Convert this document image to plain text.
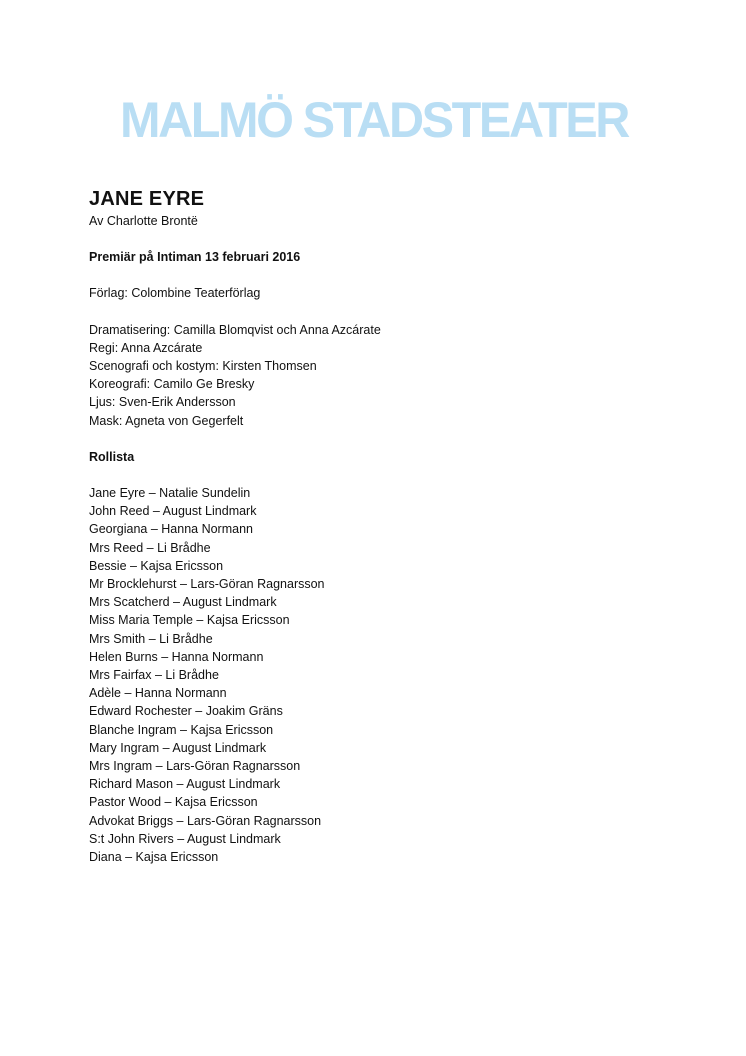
MALMÖ STADSTEATER
JANE EYRE
Av Charlotte Brontë
Premiär på Intiman 13 februari 2016
Förlag: Colombine Teaterförlag
Dramatisering: Camilla Blomqvist och Anna Azcárate
Regi: Anna Azcárate
Scenografi och kostym: Kirsten Thomsen
Koreografi: Camilo Ge Bresky
Ljus: Sven-Erik Andersson
Mask: Agneta von Gegerfelt
Rollista
Jane Eyre – Natalie Sundelin
John Reed – August Lindmark
Georgiana – Hanna Normann
Mrs Reed – Li Brådhe
Bessie – Kajsa Ericsson
Mr Brocklehurst – Lars-Göran Ragnarsson
Mrs Scatcherd – August Lindmark
Miss Maria Temple – Kajsa Ericsson
Mrs Smith – Li Brådhe
Helen Burns – Hanna Normann
Mrs Fairfax – Li Brådhe
Adèle – Hanna Normann
Edward Rochester – Joakim Gräns
Blanche Ingram – Kajsa Ericsson
Mary Ingram – August Lindmark
Mrs Ingram – Lars-Göran Ragnarsson
Richard Mason – August Lindmark
Pastor Wood – Kajsa Ericsson
Advokat Briggs – Lars-Göran Ragnarsson
S:t John Rivers – August Lindmark
Diana – Kajsa Ericsson
